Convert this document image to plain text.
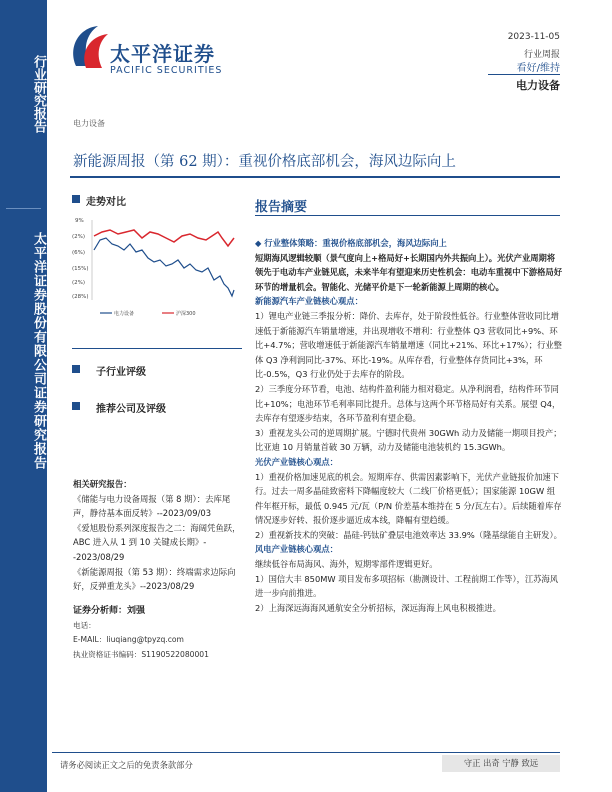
行业研究报告
太平洋证券股份有限公司证券研究报告
太平洋证券
PACIFIC SECURITIES
2023-11-05
行业周报
看好/维持
电力设备
电力设备
新能源周报（第 62 期）：重视价格底部机会，海风边际向上
走势对比
9%
(2%)
(6%)
(15%)
(2%)
(28%)
电力设备	沪深300
子行业评级
推荐公司及评级
相关研究报告：
《储能与电力设备周报（第 8 期）：去库尾声，静待基本面反转》--2023/09/03
《爱旭股份系列深度报告之二：海阔凭鱼跃，ABC 进入从 1 到 10 关键成长期》--2023/08/29
《新能源周报（第 53 期）：终端需求边际向好，反弹重龙头》--2023/08/29
证券分析师：刘强
电话：
E-MAIL：liuqiang@tpyzq.com
执业资格证书编码：S1190522080001
报告摘要

◆ 行业整体策略：重视价格底部机会，海风边际向上

短期海风逻辑较顺（景气度向上+格局好+长期国内外共振向上）。光伏产业周期将领先于电动车产业链见底，未来半年有望迎来历史性机会：电动车重视中下游格局好环节的增量机会。智能化、光储平价是下一轮新能源上周期的核心。

新能源汽车产业链核心观点：

1）锂电产业链三季报分析：降价、去库存，处于阶段性低谷。行业整体营收同比增速低于新能源汽车销量增速，并出现增收不增利：行业整体 Q3 营收同比+9%、环比+4.7%；营收增速低于新能源汽车销量增速（同比+21%、环比+17%）；行业整体 Q3 净利润同比-37%、环比-19%。从库存看，行业整体存货同比+3%，环比-0.5%，Q3 行业仍处于去库存的阶段。

2）三季度分环节看，电池、结构件盈利能力相对稳定。从净利润看，结构件环节同比+10%；电池环节毛利率同比提升。总体与这两个环节格局好有关系。展望 Q4，去库存有望逐步结束，各环节盈利有望企稳。

3）重视龙头公司的逆周期扩展。宁德时代贵州 30GWh 动力及储能一期项目投产；比亚迪 10 月销量首破 30 万辆，动力及储能电池装机约 15.3GWh。

光伏产业链核心观点：

1）重视价格加速见底的机会。短期库存、供需因素影响下，光伏产业链报价加速下行。过去一周多晶硅致密料下降幅度较大（二线厂价格更低）；国家能源 10GW 组件年框开标，最低 0.945 元/瓦（P/N 价差基本维持在 5 分/瓦左右）。后续随着库存情况逐步好转、报价逐步逼近成本线，降幅有望趋缓。

2）重视新技术的突破：晶硅-钙钛矿叠层电池效率达 33.9%（隆基绿能自主研发）。

风电产业链核心观点：

继续低谷布局海风、海外，短期零部件逻辑更好。

1）国信大丰 850MW 项目发布多项招标（勘测设计、工程前期工作等），江苏海风进一步向前推进。

2）上海深远海海风通航安全分析招标，深远海海上风电积极推进。

请务必阅读正文之后的免责条款部分	守正 出奇 宁静 致远
